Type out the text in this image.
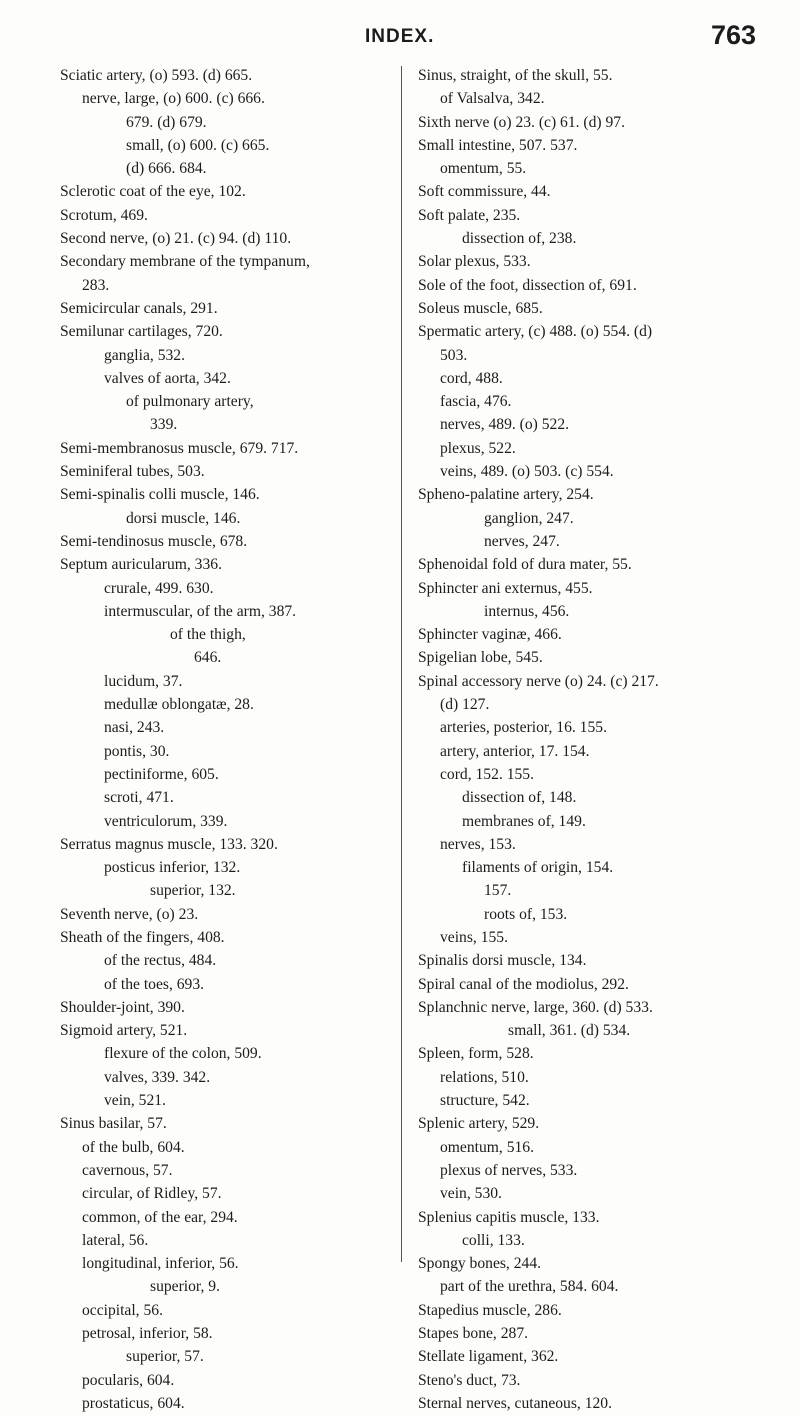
INDEX.	763
Sciatic artery, (o) 593. (d) 665.
nerve, large, (o) 600. (c) 666.
679. (d) 679.
small, (o) 600. (c) 665.
(d) 666. 684.
Sclerotic coat of the eye, 102.
Scrotum, 469.
Second nerve, (o) 21. (c) 94. (d) 110.
Secondary membrane of the tympanum,
283.
Semicircular canals, 291.
Semilunar cartilages, 720.
ganglia, 532.
valves of aorta, 342.
of pulmonary artery,
339.
Semi-membranosus muscle, 679. 717.
Seminiferal tubes, 503.
Semi-spinalis colli muscle, 146.
dorsi muscle, 146.
Semi-tendinosus muscle, 678.
Septum auricularum, 336.
crurale, 499. 630.
intermuscular, of the arm, 387.
of the thigh,
646.
lucidum, 37.
medullæ oblongatæ, 28.
nasi, 243.
pontis, 30.
pectiniforme, 605.
scroti, 471.
ventriculorum, 339.
Serratus magnus muscle, 133. 320.
posticus inferior, 132.
superior, 132.
Seventh nerve, (o) 23.
Sheath of the fingers, 408.
of the rectus, 484.
of the toes, 693.
Shoulder-joint, 390.
Sigmoid artery, 521.
flexure of the colon, 509.
valves, 339. 342.
vein, 521.
Sinus basilar, 57.
of the bulb, 604.
cavernous, 57.
circular, of Ridley, 57.
common, of the ear, 294.
lateral, 56.
longitudinal, inferior, 56.
superior, 9.
occipital, 56.
petrosal, inferior, 58.
superior, 57.
pocularis, 604.
prostaticus, 604.
Sinus, straight, of the skull, 55.
of Valsalva, 342.
Sixth nerve (o) 23. (c) 61. (d) 97.
Small intestine, 507. 537.
omentum, 55.
Soft commissure, 44.
Soft palate, 235.
dissection of, 238.
Solar plexus, 533.
Sole of the foot, dissection of, 691.
Soleus muscle, 685.
Spermatic artery, (c) 488. (o) 554. (d)
503.
cord, 488.
fascia, 476.
nerves, 489. (o) 522.
plexus, 522.
veins, 489. (o) 503. (c) 554.
Spheno-palatine artery, 254.
ganglion, 247.
nerves, 247.
Sphenoidal fold of dura mater, 55.
Sphincter ani externus, 455.
internus, 456.
Sphincter vaginæ, 466.
Spigelian lobe, 545.
Spinal accessory nerve (o) 24. (c) 217.
(d) 127.
arteries, posterior, 16. 155.
artery, anterior, 17. 154.
cord, 152. 155.
dissection of, 148.
membranes of, 149.
nerves, 153.
filaments of origin, 154.
157.
roots of, 153.
veins, 155.
Spinalis dorsi muscle, 134.
Spiral canal of the modiolus, 292.
Splanchnic nerve, large, 360. (d) 533.
small, 361. (d) 534.
Spleen, form, 528.
relations, 510.
structure, 542.
Splenic artery, 529.
omentum, 516.
plexus of nerves, 533.
vein, 530.
Splenius capitis muscle, 133.
colli, 133.
Spongy bones, 244.
part of the urethra, 584. 604.
Stapedius muscle, 286.
Stapes bone, 287.
Stellate ligament, 362.
Steno's duct, 73.
Sternal nerves, cutaneous, 120.
